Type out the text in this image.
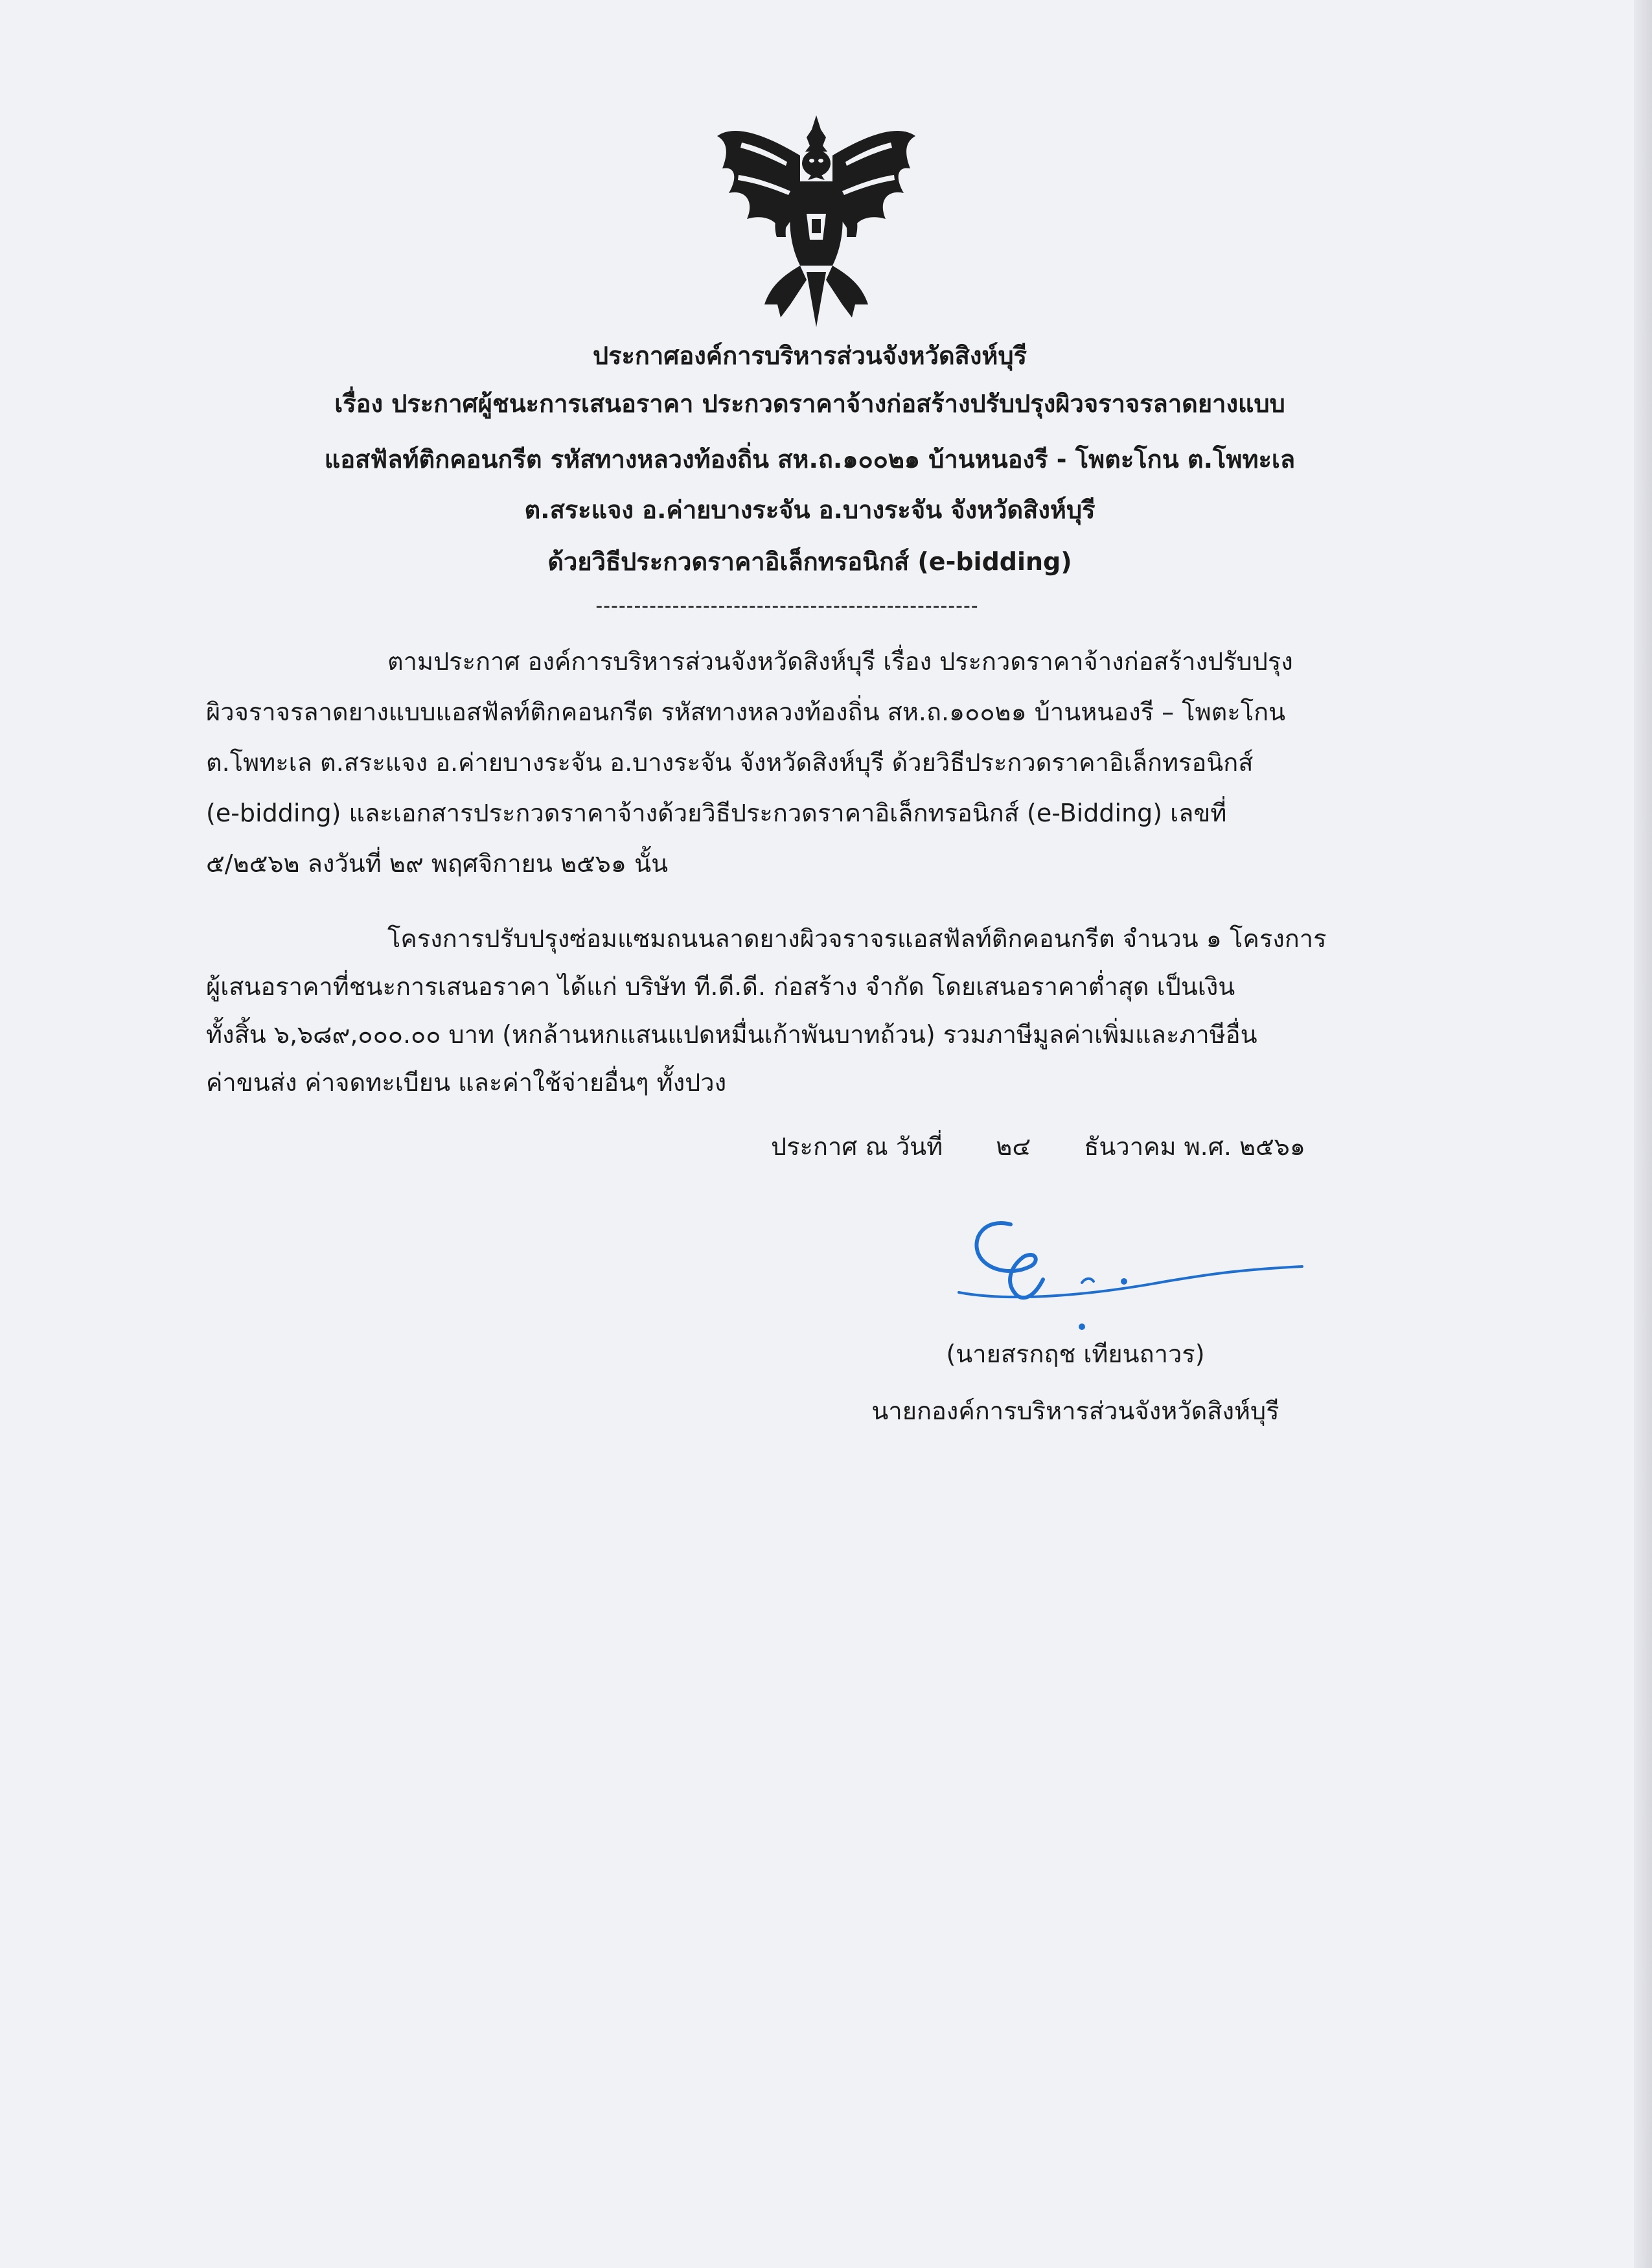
ประกาศองค์การบริหารส่วนจังหวัดสิงห์บุรี
เรื่อง ประกาศผู้ชนะการเสนอราคา ประกวดราคาจ้างก่อสร้างปรับปรุงผิวจราจรลาดยางแบบ
แอสฟัลท์ติกคอนกรีต รหัสทางหลวงท้องถิ่น สห.ถ.๑๐๐๒๑ บ้านหนองรี - โพตะโกน ต.โพทะเล
ต.สระแจง อ.ค่ายบางระจัน อ.บางระจัน จังหวัดสิงห์บุรี
ด้วยวิธีประกวดราคาอิเล็กทรอนิกส์ (e-bidding)
--------------------------------------------------

ตามประกาศ องค์การบริหารส่วนจังหวัดสิงห์บุรี เรื่อง ประกวดราคาจ้างก่อสร้างปรับปรุง
ผิวจราจรลาดยางแบบแอสฟัลท์ติกคอนกรีต รหัสทางหลวงท้องถิ่น สห.ถ.๑๐๐๒๑ บ้านหนองรี – โพตะโกน
ต.โพทะเล ต.สระแจง อ.ค่ายบางระจัน อ.บางระจัน จังหวัดสิงห์บุรี ด้วยวิธีประกวดราคาอิเล็กทรอนิกส์
(e-bidding) และเอกสารประกวดราคาจ้างด้วยวิธีประกวดราคาอิเล็กทรอนิกส์ (e-Bidding) เลขที่
๕/๒๕๖๒ ลงวันที่ ๒๙ พฤศจิกายน ๒๕๖๑ นั้น

โครงการปรับปรุงซ่อมแซมถนนลาดยางผิวจราจรแอสฟัลท์ติกคอนกรีต จำนวน ๑ โครงการ
ผู้เสนอราคาที่ชนะการเสนอราคา ได้แก่ บริษัท ที.ดี.ดี. ก่อสร้าง จำกัด โดยเสนอราคาต่ำสุด เป็นเงิน
ทั้งสิ้น ๖,๖๘๙,๐๐๐.๐๐ บาท (หกล้านหกแสนแปดหมื่นเก้าพันบาทถ้วน) รวมภาษีมูลค่าเพิ่มและภาษีอื่น
ค่าขนส่ง ค่าจดทะเบียน และค่าใช้จ่ายอื่นๆ ทั้งปวง

ประกาศ ณ วันที่ ๒๔ ธันวาคม พ.ศ. ๒๕๖๑
(นายสรกฤช เทียนถาวร)
นายกองค์การบริหารส่วนจังหวัดสิงห์บุรี
